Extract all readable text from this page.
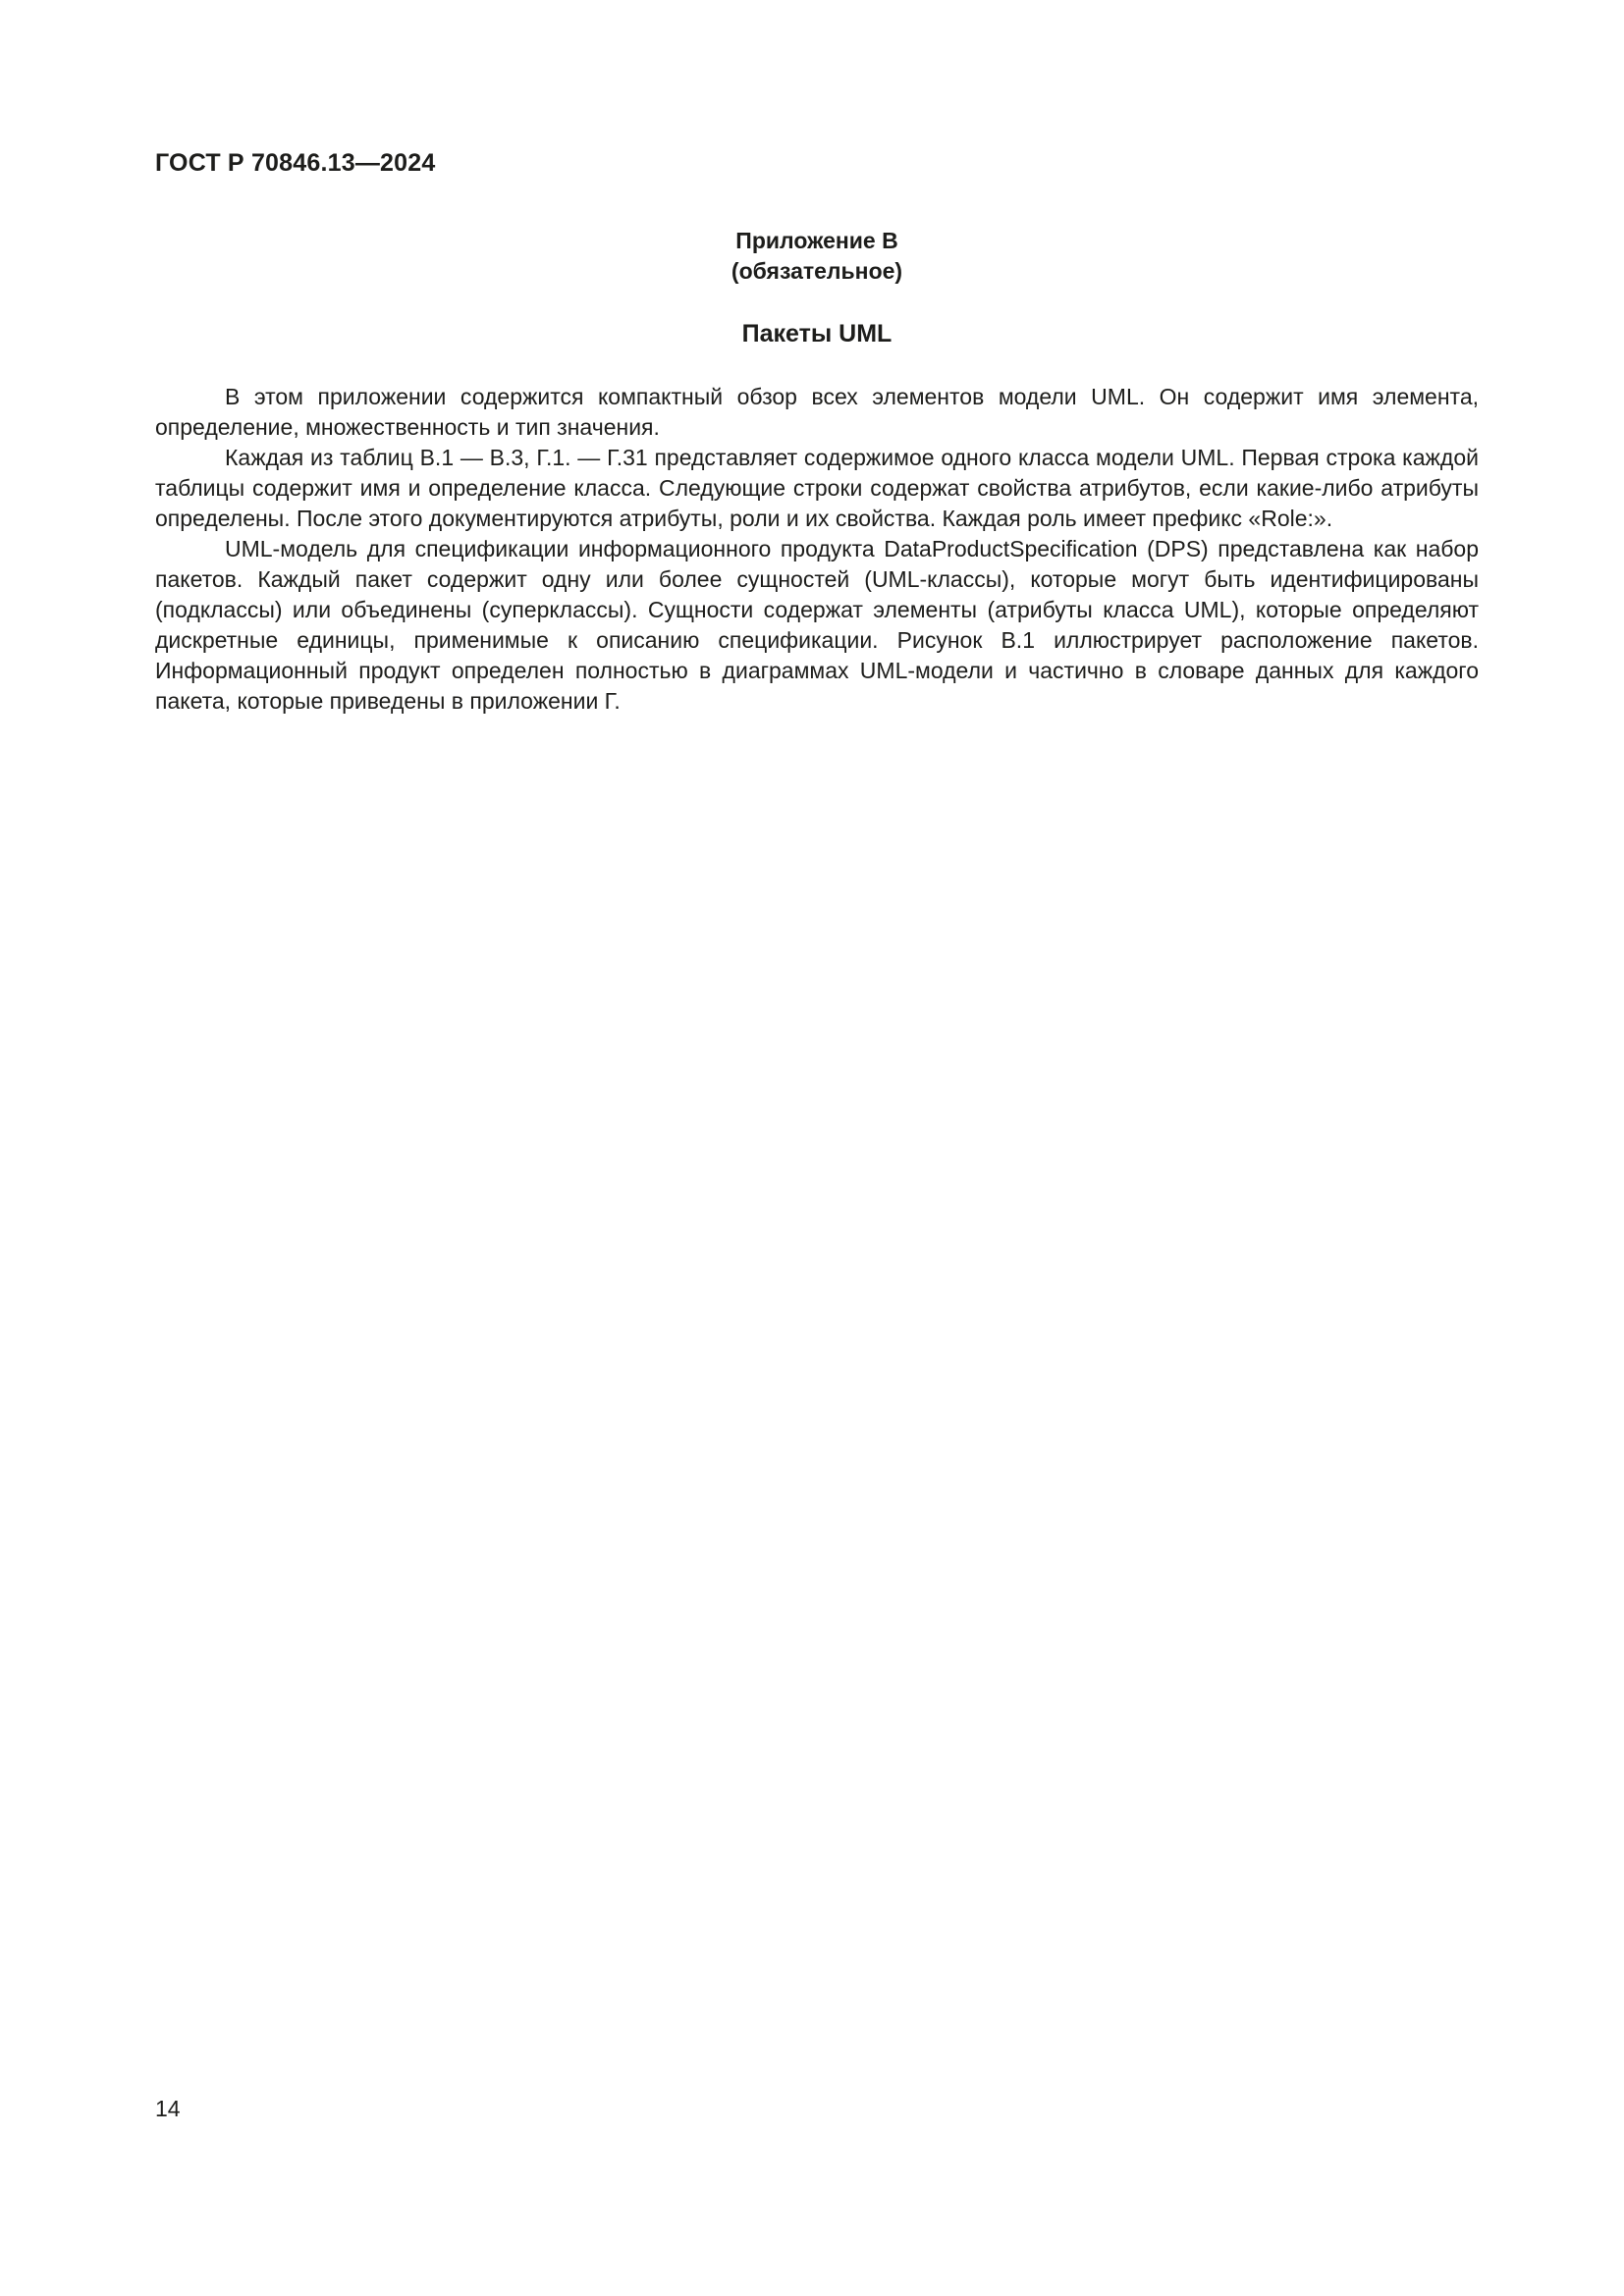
ГОСТ Р 70846.13—2024
Приложение В
(обязательное)
Пакеты UML

В этом приложении содержится компактный обзор всех элементов модели UML. Он содержит имя элемента, определение, множественность и тип значения.

Каждая из таблиц В.1 — В.3, Г.1. — Г.31 представляет содержимое одного класса модели UML. Первая строка каждой таблицы содержит имя и определение класса. Следующие строки содержат свойства атрибутов, если какие-либо атрибуты определены. После этого документируются атрибуты, роли и их свойства. Каждая роль имеет префикс «Role:».

UML-модель для спецификации информационного продукта DataProductSpecification (DPS) представлена как набор пакетов. Каждый пакет содержит одну или более сущностей (UML-классы), которые могут быть идентифицированы (подклассы) или объединены (суперклассы). Сущности содержат элементы (атрибуты класса UML), которые определяют дискретные единицы, применимые к описанию спецификации. Рисунок В.1 иллюстрирует расположение пакетов. Информационный продукт определен полностью в диаграммах UML-модели и частично в словаре данных для каждого пакета, которые приведены в приложении Г.

14
